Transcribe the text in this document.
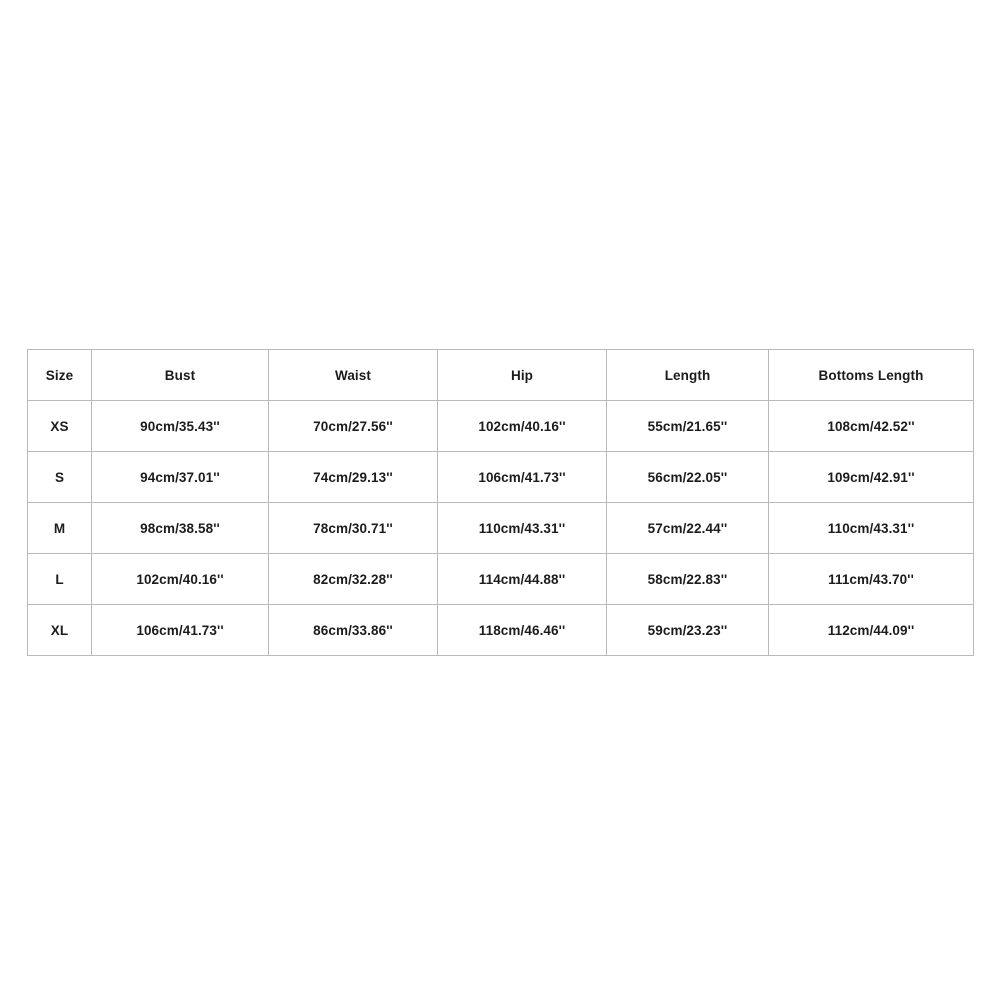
Size	Bust	Waist	Hip	Length	Bottoms Length
XS	90cm/35.43''	70cm/27.56''	102cm/40.16''	55cm/21.65''	108cm/42.52''
S	94cm/37.01''	74cm/29.13''	106cm/41.73''	56cm/22.05''	109cm/42.91''
M	98cm/38.58''	78cm/30.71''	110cm/43.31''	57cm/22.44''	110cm/43.31''
L	102cm/40.16''	82cm/32.28''	114cm/44.88''	58cm/22.83''	111cm/43.70''
XL	106cm/41.73''	86cm/33.86''	118cm/46.46''	59cm/23.23''	112cm/44.09''
